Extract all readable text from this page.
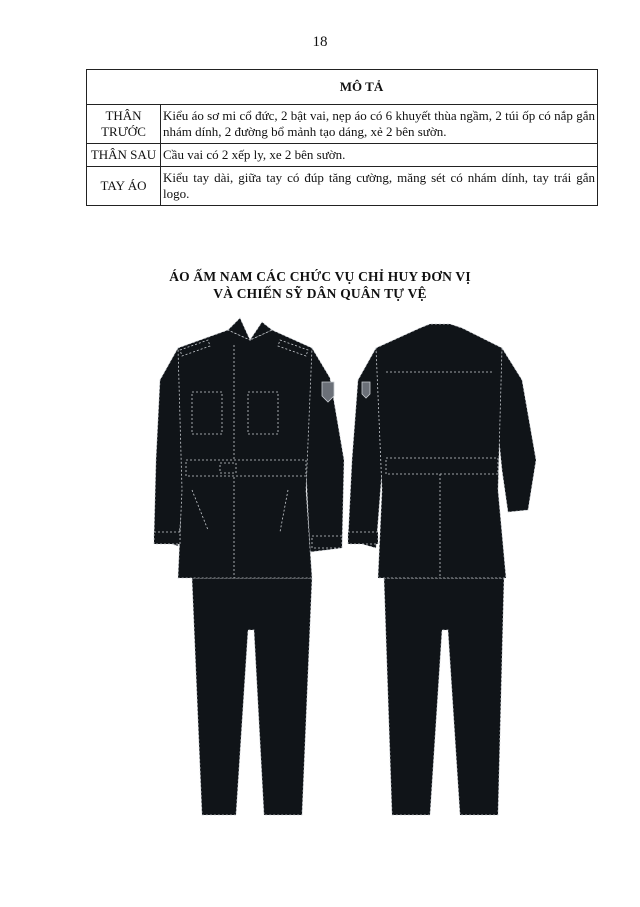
18
MÔ TẢ	
THÂN TRƯỚC	Kiểu áo sơ mi cổ đức, 2 bật vai, nẹp áo có 6 khuyết thùa ngầm, 2 túi ốp có nắp gắn nhám dính, 2 đường bổ mảnh tạo dáng, xẻ 2 bên sườn.
THÂN SAU	Cầu vai có 2 xếp ly, xe 2 bên sườn.
TAY ÁO	Kiểu tay dài, giữa tay có đúp tăng cường, măng sét có nhám dính, tay trái gắn logo.
ÁO ẤM NAM CÁC CHỨC VỤ CHỈ HUY ĐƠN VỊ
VÀ CHIẾN SỸ DÂN QUÂN TỰ VỆ
